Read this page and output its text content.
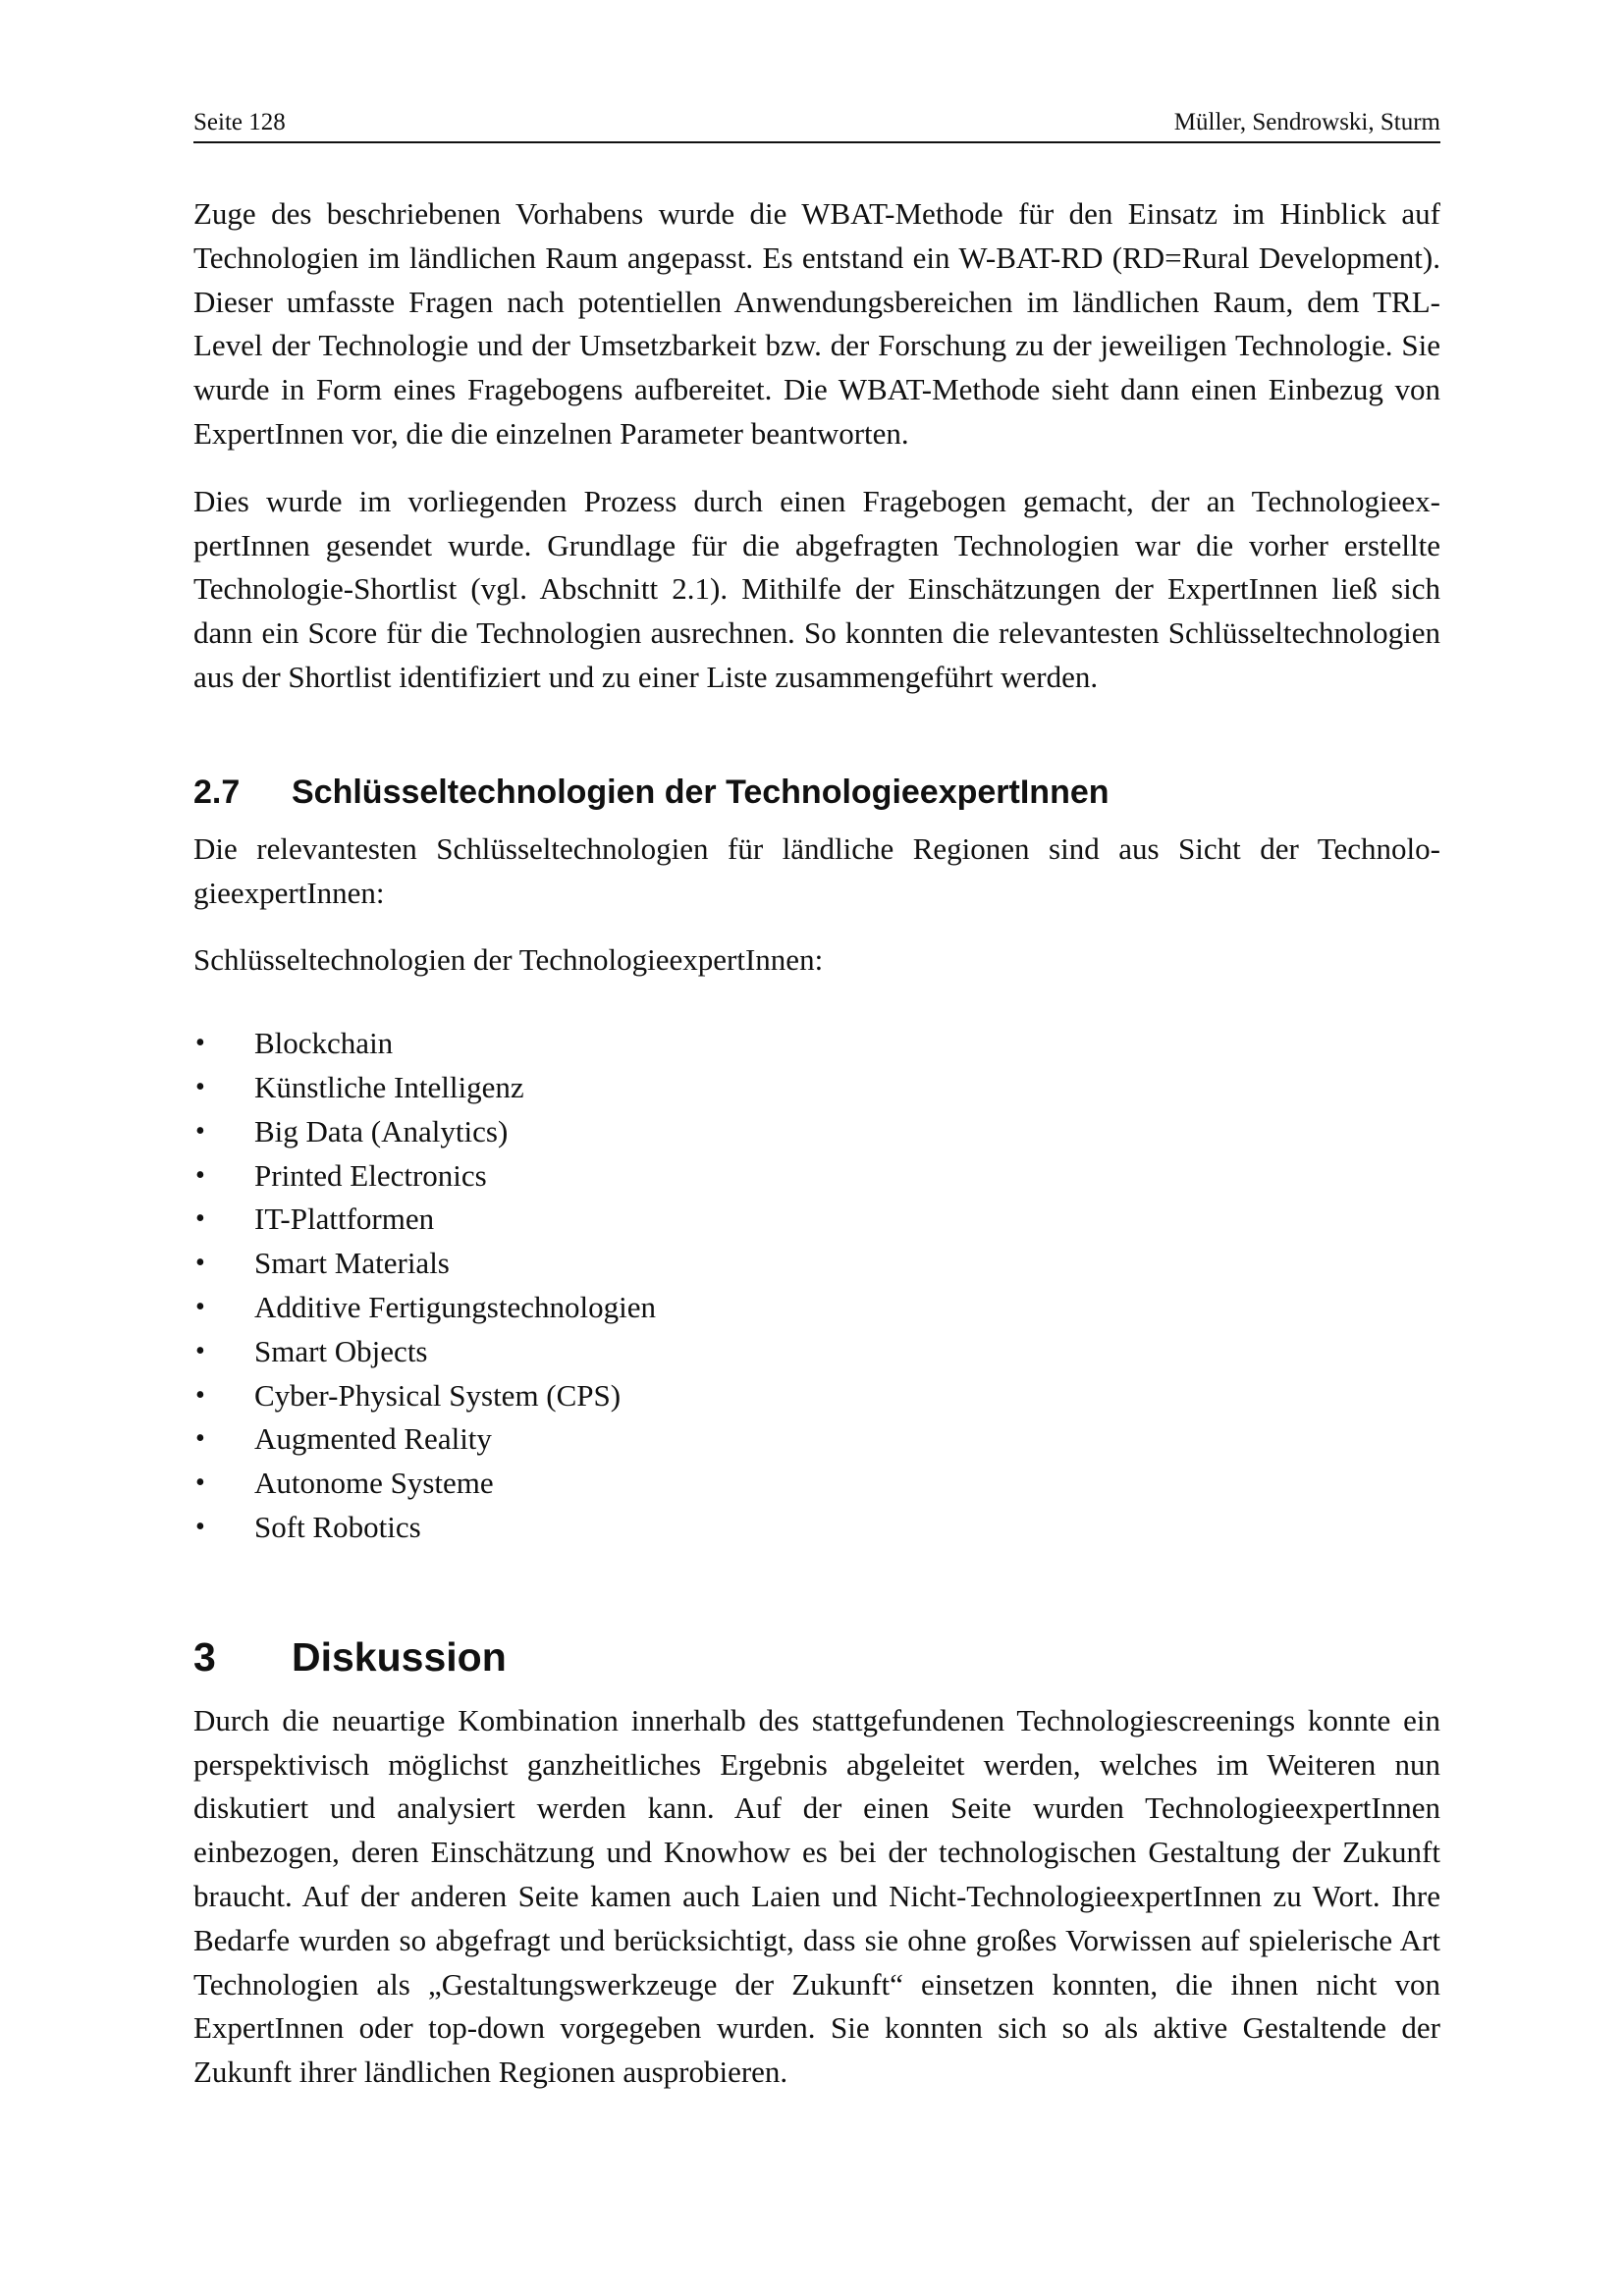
Seite 128	Müller, Sendrowski, Sturm

Zuge des beschriebenen Vorhabens wurde die WBAT-Methode für den Einsatz im Hinblick auf Technologien im ländlichen Raum angepasst. Es entstand ein W-BAT-RD (RD=Rural Development). Dieser umfasste Fragen nach potentiellen Anwendungsbereichen im ländlichen Raum, dem TRL-Level der Technologie und der Umsetzbarkeit bzw. der Forschung zu der jeweiligen Technologie. Sie wurde in Form eines Fragebogens aufbereitet. Die WBAT-Methode sieht dann einen Einbezug von ExpertInnen vor, die die einzelnen Parameter beantworten.

Dies wurde im vorliegenden Prozess durch einen Fragebogen gemacht, der an TechnologieexpertInnen gesendet wurde. Grundlage für die abgefragten Technologien war die vorher erstellte Technologie-Shortlist (vgl. Abschnitt 2.1). Mithilfe der Einschätzungen der ExpertInnen ließ sich dann ein Score für die Technologien ausrechnen. So konnten die relevantesten Schlüsseltechnologien aus der Shortlist identifiziert und zu einer Liste zusammengeführt werden.

2.7	Schlüsseltechnologien der TechnologieexpertInnen

Die relevantesten Schlüsseltechnologien für ländliche Regionen sind aus Sicht der TechnologieexpertInnen:

Schlüsseltechnologien der TechnologieexpertInnen:

•	Blockchain
•	Künstliche Intelligenz
•	Big Data (Analytics)
•	Printed Electronics
•	IT-Plattformen
•	Smart Materials
•	Additive Fertigungstechnologien
•	Smart Objects
•	Cyber-Physical System (CPS)
•	Augmented Reality
•	Autonome Systeme
•	Soft Robotics
3	Diskussion

Durch die neuartige Kombination innerhalb des stattgefundenen Technologiescreenings konnte ein perspektivisch möglichst ganzheitliches Ergebnis abgeleitet werden, welches im Weiteren nun diskutiert und analysiert werden kann. Auf der einen Seite wurden TechnologieexpertInnen einbezogen, deren Einschätzung und Knowhow es bei der technologischen Gestaltung der Zukunft braucht. Auf der anderen Seite kamen auch Laien und Nicht-TechnologieexpertInnen zu Wort. Ihre Bedarfe wurden so abgefragt und berücksichtigt, dass sie ohne großes Vorwissen auf spielerische Art Technologien als „Gestaltungswerkzeuge der Zukunft“ einsetzen konnten, die ihnen nicht von ExpertInnen oder top-down vorgegeben wurden. Sie konnten sich so als aktive Gestaltende der Zukunft ihrer ländlichen Regionen ausprobieren.
